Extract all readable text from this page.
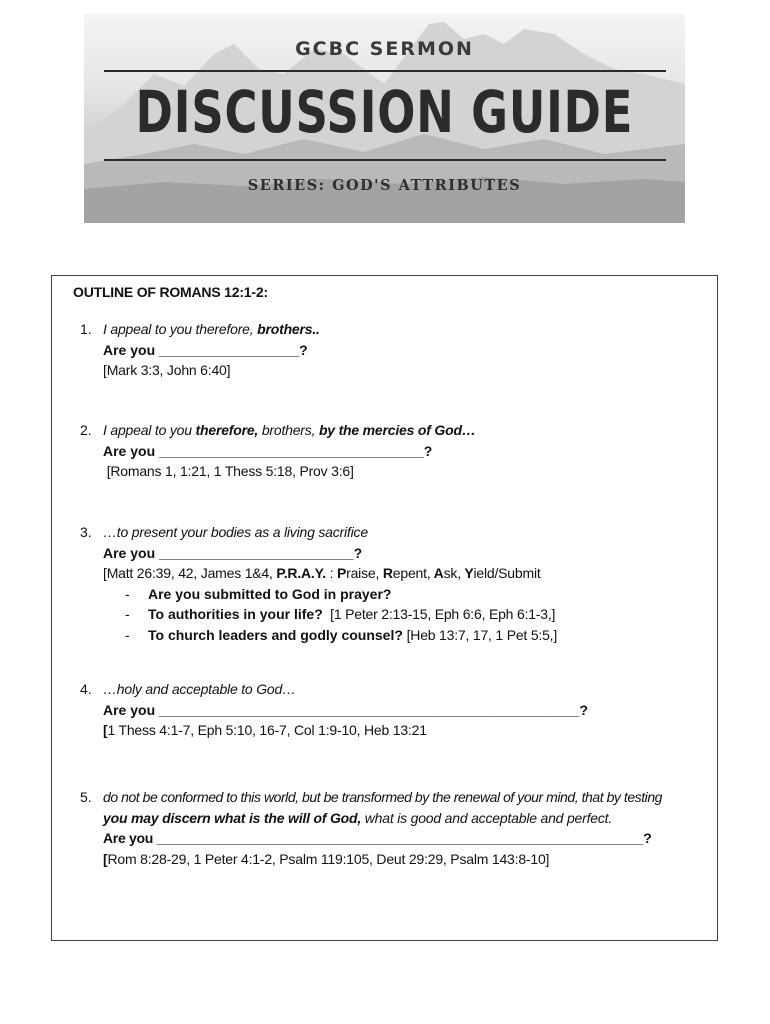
GCBC SERMON
DISCUSSION GUIDE
SERIES: GOD'S ATTRIBUTES
OUTLINE OF ROMANS 12:1-2:
1. I appeal to you therefore, brothers..
Are you __________________?
[Mark 3:3, John 6:40]
2. I appeal to you therefore, brothers, by the mercies of God…
Are you __________________________________?
[Romans 1, 1:21, 1 Thess 5:18, Prov 3:6]
3. …to present your bodies as a living sacrifice
Are you _________________________?
[Matt 26:39, 42, James 1&4, P.R.A.Y. : Praise, Repent, Ask, Yield/Submit
- Are you submitted to God in prayer?
- To authorities in your life?  [1 Peter 2:13-15, Eph 6:6, Eph 6:1-3,]
- To church leaders and godly counsel? [Heb 13:7, 17, 1 Pet 5:5,]
4. …holy and acceptable to God…
Are you ______________________________________________________?
[1 Thess 4:1-7, Eph 5:10, 16-7, Col 1:9-10, Heb 13:21
5. do not be conformed to this world, but be transformed by the renewal of your mind, that by testing
you may discern what is the will of God, what is good and acceptable and perfect.
Are you _________________________________________________________________?
[Rom 8:28-29, 1 Peter 4:1-2, Psalm 119:105, Deut 29:29, Psalm 143:8-10]
